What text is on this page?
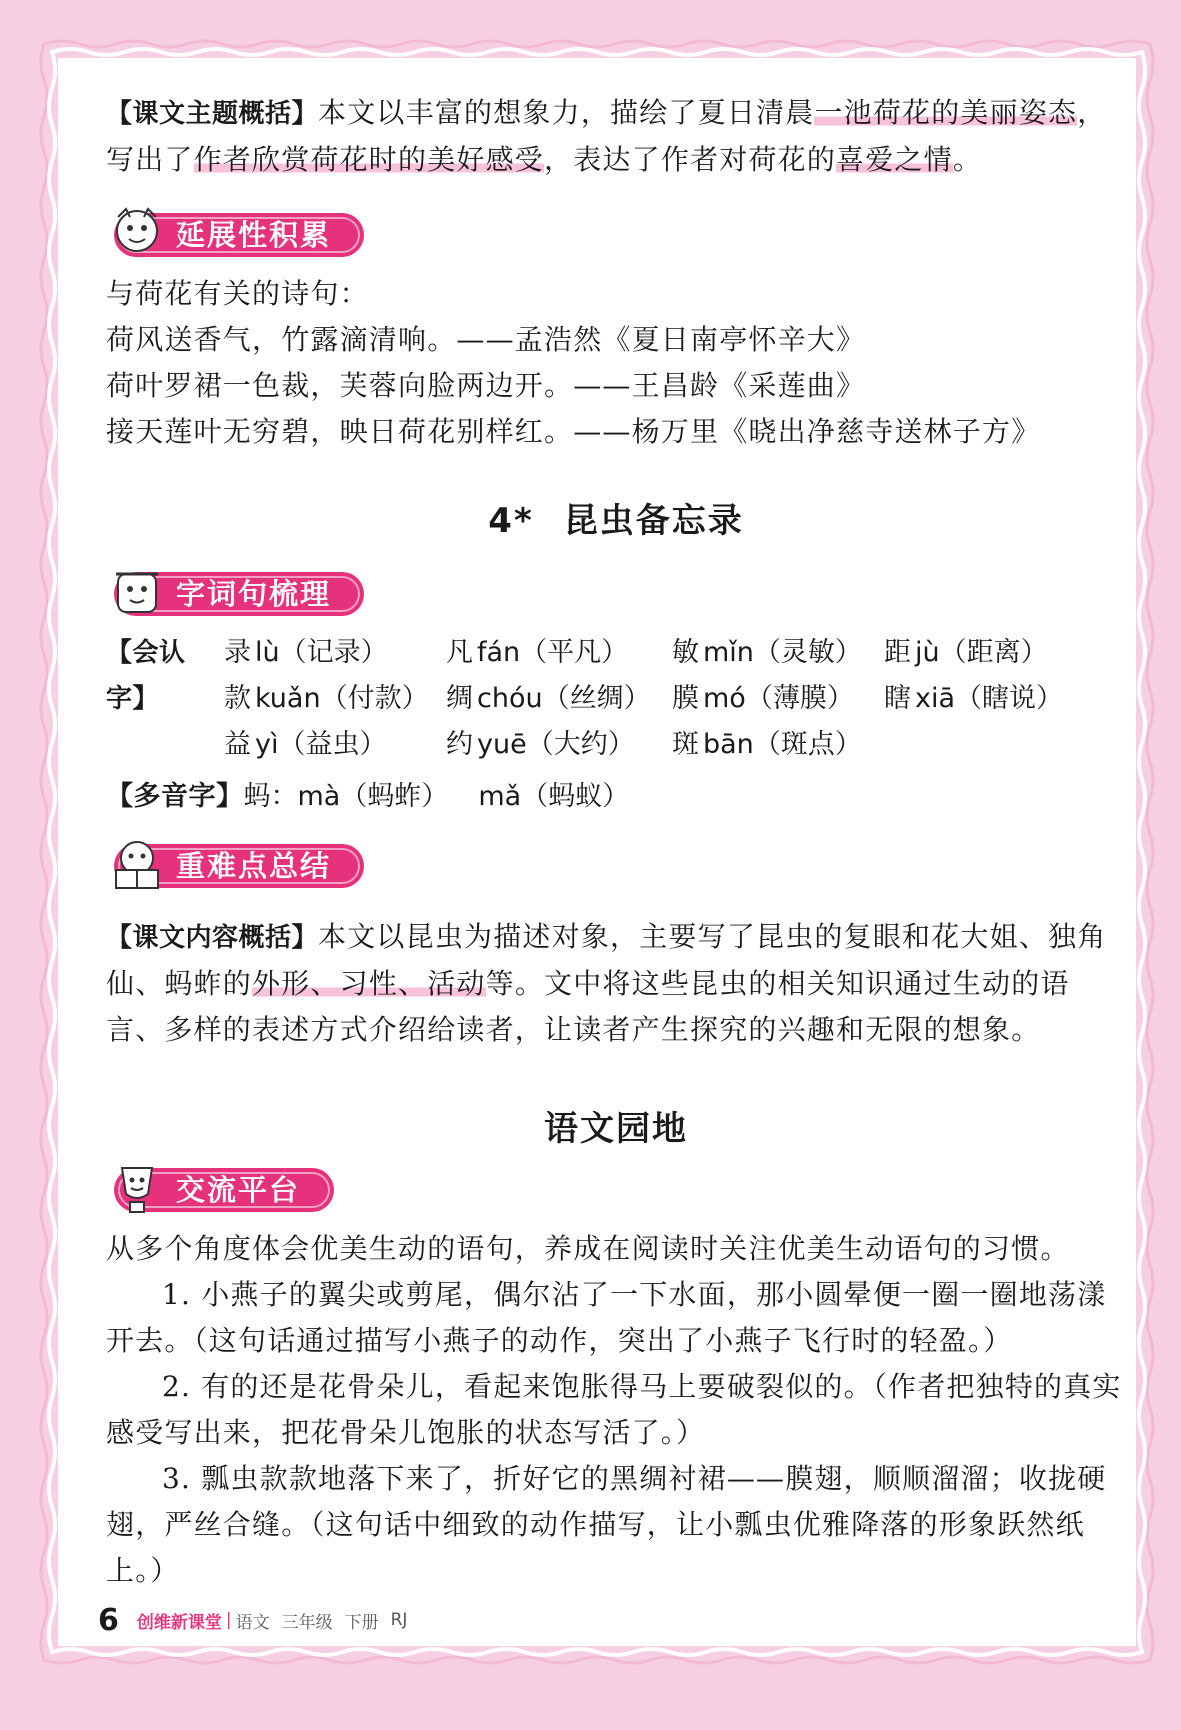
【课文主题概括】本文以丰富的想象力，描绘了夏日清晨一池荷花的美丽姿态，写出了作者欣赏荷花时的美好感受，表达了作者对荷花的喜爱之情。

延展性积累

与荷花有关的诗句：

荷风送香气，竹露滴清响。——孟浩然《夏日南亭怀辛大》

荷叶罗裙一色裁，芙蓉向脸两边开。——王昌龄《采莲曲》

接天莲叶无穷碧，映日荷花别样红。——杨万里《晓出净慈寺送林子方》

4* 昆虫备忘录
字词句梳理
【会认字】
录 lù（记录）	凡 fán（平凡）	敏 mǐn（灵敏） 距 jù（距离）
款 kuǎn（付款） 绸 chóu（丝绸） 膜 mó（薄膜）	瞎 xiā（瞎说）
益 yì（益虫）	约 yuē（大约）	斑 bān（斑点）
【多音字】蚂：mà（蚂蚱） mǎ（蚂蚁）
重难点总结

【课文内容概括】本文以昆虫为描述对象，主要写了昆虫的复眼和花大姐、独角仙、蚂蚱的外形、习性、活动等。文中将这些昆虫的相关知识通过生动的语言、多样的表述方式介绍给读者，让读者产生探究的兴趣和无限的想象。

语文园地
交流平台

从多个角度体会优美生动的语句，养成在阅读时关注优美生动语句的习惯。

1. 小燕子的翼尖或剪尾，偶尔沾了一下水面，那小圆晕便一圈一圈地荡漾开去。（这句话通过描写小燕子的动作，突出了小燕子飞行时的轻盈。）

2. 有的还是花骨朵儿，看起来饱胀得马上要破裂似的。（作者把独特的真实感受写出来，把花骨朵儿饱胀的状态写活了。）

3. 瓢虫款款地落下来了，折好它的黑绸衬裙——膜翅，顺顺溜溜；收拢硬翅，严丝合缝。（这句话中细致的动作描写，让小瓢虫优雅降落的形象跃然纸上。）

6 创维新课堂 | 语文 三年级 下册 RJ
